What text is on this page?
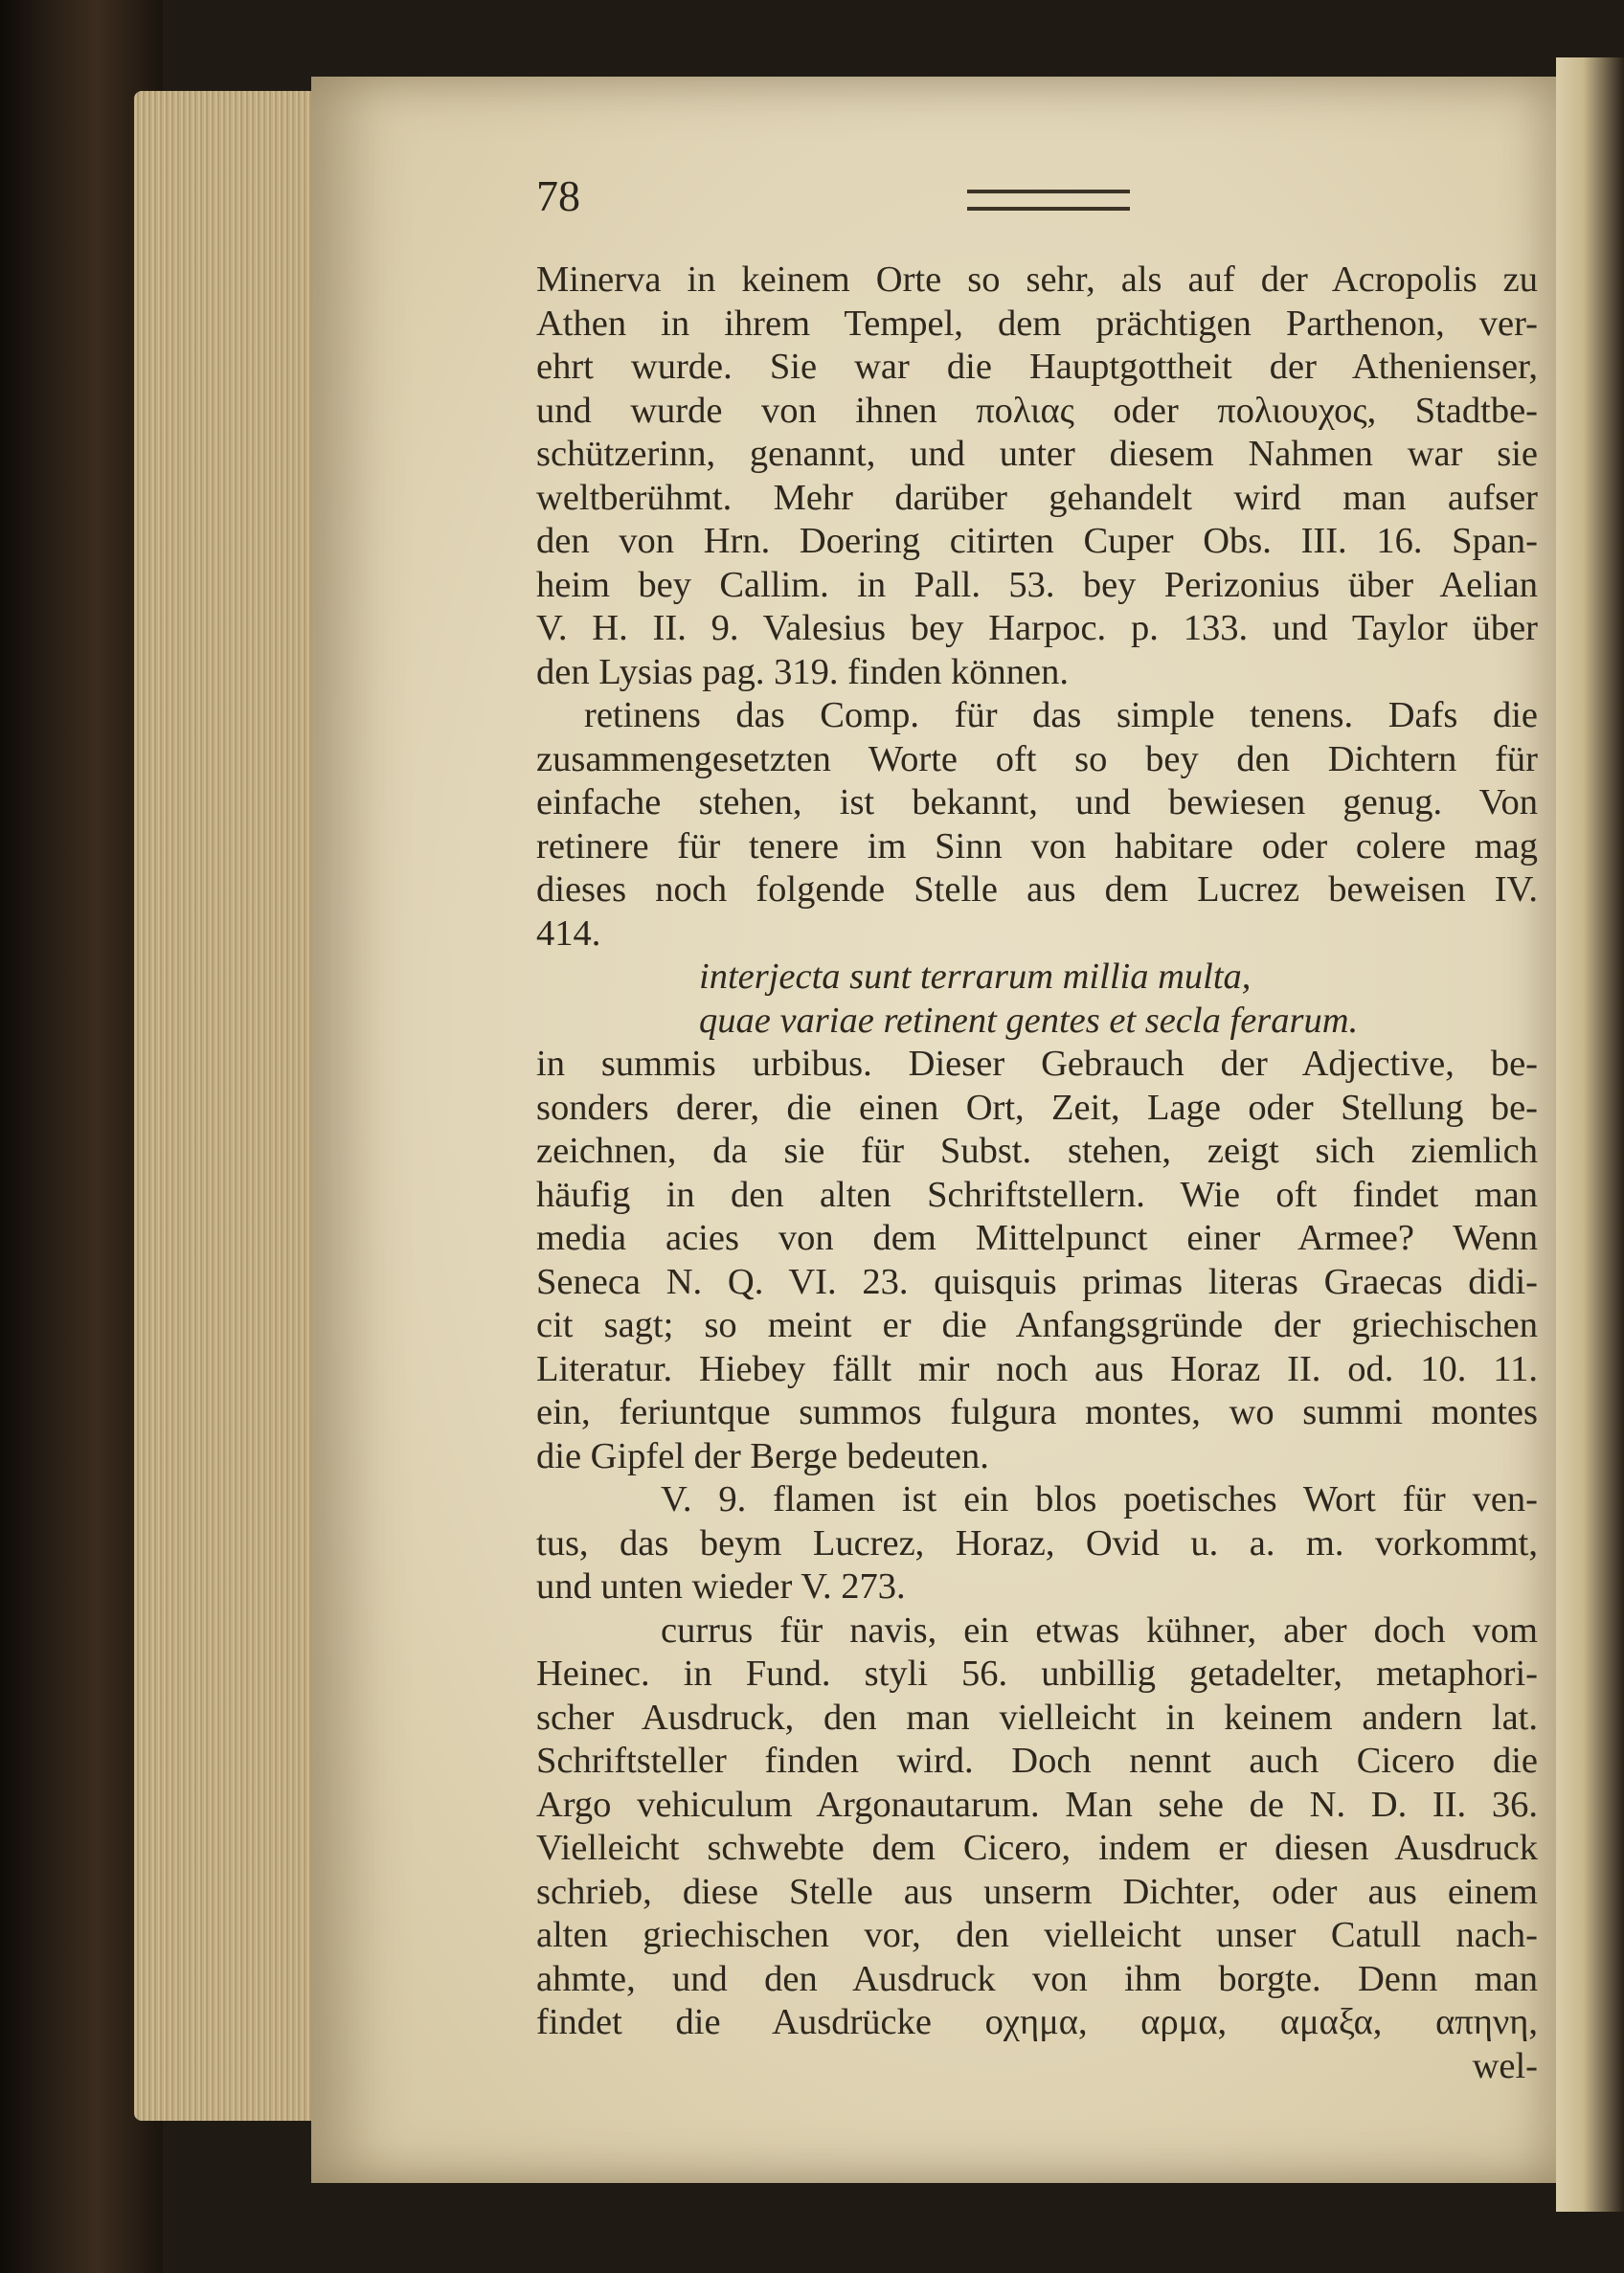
78
Minerva in keinem Orte so sehr, als auf der Acropolis zu
Athen in ihrem Tempel, dem prächtigen Parthenon, ver-
ehrt wurde. Sie war die Hauptgottheit der Athenienser,
und wurde von ihnen πολιας oder πολιουχος, Stadtbe-
schützerinn, genannt, und unter diesem Nahmen war sie
weltberühmt. Mehr darüber gehandelt wird man aufser
den von Hrn. Doering citirten Cuper Obs. III. 16. Span-
heim bey Callim. in Pall. 53. bey Perizonius über Aelian
V. H. II. 9. Valesius bey Harpoc. p. 133. und Taylor über
den Lysias pag. 319. finden können.
retinens das Comp. für das simple tenens. Dafs die
zusammengesetzten Worte oft so bey den Dichtern für
einfache stehen, ist bekannt, und bewiesen genug. Von
retinere für tenere im Sinn von habitare oder colere mag
dieses noch folgende Stelle aus dem Lucrez beweisen IV.
414.
interjecta sunt terrarum millia multa,
quae variae retinent gentes et secla ferarum.
in summis urbibus. Dieser Gebrauch der Adjective, be-
sonders derer, die einen Ort, Zeit, Lage oder Stellung be-
zeichnen, da sie für Subst. stehen, zeigt sich ziemlich
häufig in den alten Schriftstellern. Wie oft findet man
media acies von dem Mittelpunct einer Armee? Wenn
Seneca N. Q. VI. 23. quisquis primas literas Graecas didi-
cit sagt; so meint er die Anfangsgründe der griechischen
Literatur. Hiebey fällt mir noch aus Horaz II. od. 10. 11.
ein, feriuntque summos fulgura montes, wo summi montes
die Gipfel der Berge bedeuten.
V. 9. flamen ist ein blos poetisches Wort für ven-
tus, das beym Lucrez, Horaz, Ovid u. a. m. vorkommt,
und unten wieder V. 273.
currus für navis, ein etwas kühner, aber doch vom
Heinec. in Fund. styli 56. unbillig getadelter, metaphori-
scher Ausdruck, den man vielleicht in keinem andern lat.
Schriftsteller finden wird. Doch nennt auch Cicero die
Argo vehiculum Argonautarum. Man sehe de N. D. II. 36.
Vielleicht schwebte dem Cicero, indem er diesen Ausdruck
schrieb, diese Stelle aus unserm Dichter, oder aus einem
alten griechischen vor, den vielleicht unser Catull nach-
ahmte, und den Ausdruck von ihm borgte. Denn man
findet die Ausdrücke οχημα, αρμα, αμαξα, απηνη,
wel-
